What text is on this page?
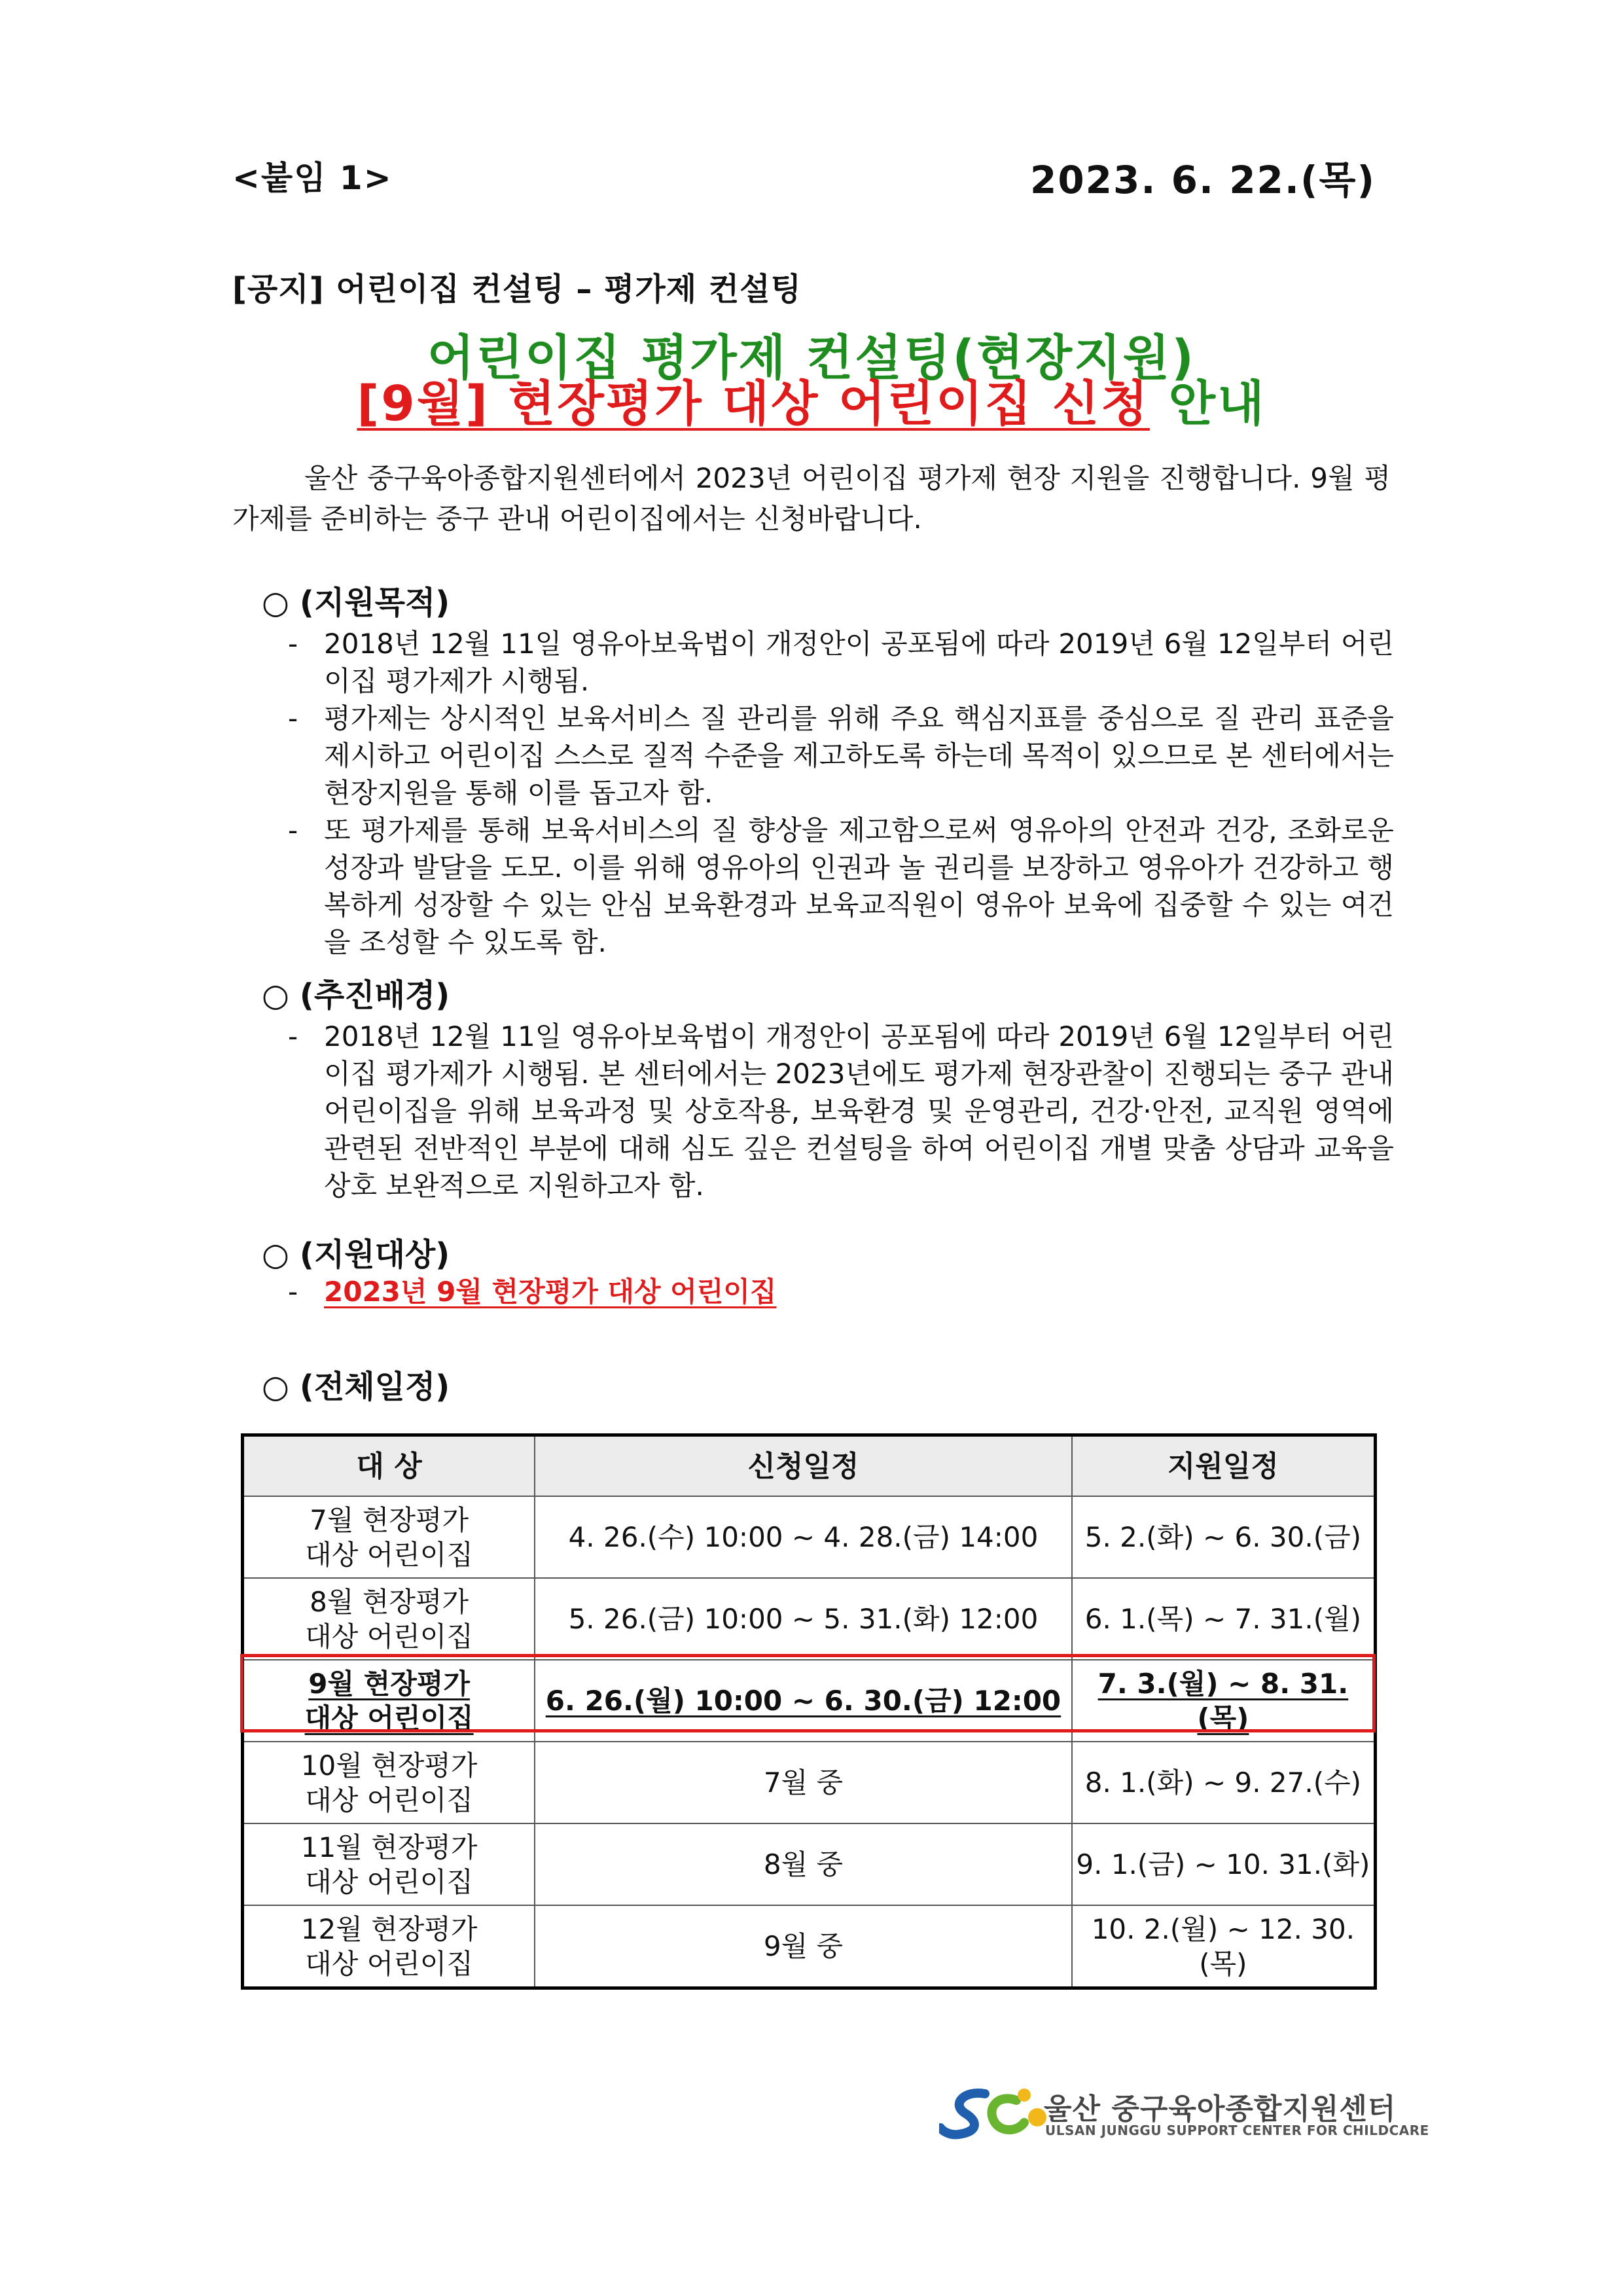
<붙임 1>	2023. 6. 22.(목)
[공지] 어린이집 컨설팅 – 평가제 컨설팅
어린이집 평가제 컨설팅(현장지원)
[9월] 현장평가 대상 어린이집 신청 안내
울산 중구육아종합지원센터에서 2023년 어린이집 평가제 현장 지원을 진행합니다. 9월 평가제를 준비하는 중구 관내 어린이집에서는 신청바랍니다.
○ (지원목적)
- 2018년 12월 11일 영유아보육법이 개정안이 공포됨에 따라 2019년 6월 12일부터 어린이집 평가제가 시행됨.
- 평가제는 상시적인 보육서비스 질 관리를 위해 주요 핵심지표를 중심으로 질 관리 표준을 제시하고 어린이집 스스로 질적 수준을 제고하도록 하는데 목적이 있으므로 본 센터에서는 현장지원을 통해 이를 돕고자 함.
- 또 평가제를 통해 보육서비스의 질 향상을 제고함으로써 영유아의 안전과 건강, 조화로운 성장과 발달을 도모. 이를 위해 영유아의 인권과 놀 권리를 보장하고 영유아가 건강하고 행복하게 성장할 수 있는 안심 보육환경과 보육교직원이 영유아 보육에 집중할 수 있는 여건을 조성할 수 있도록 함.
○ (추진배경)
- 2018년 12월 11일 영유아보육법이 개정안이 공포됨에 따라 2019년 6월 12일부터 어린이집 평가제가 시행됨. 본 센터에서는 2023년에도 평가제 현장관찰이 진행되는 중구 관내 어린이집을 위해 보육과정 및 상호작용, 보육환경 및 운영관리, 건강·안전, 교직원 영역에 관련된 전반적인 부분에 대해 심도 깊은 컨설팅을 하여 어린이집 개별 맞춤 상담과 교육을 상호 보완적으로 지원하고자 함.
○ (지원대상)
- 2023년 9월 현장평가 대상 어린이집
○ (전체일정)
대 상	신청일정	지원일정

7월 현장평가
대상 어린이집	4. 26.(수) 10:00 ~ 4. 28.(금) 14:00	5. 2.(화) ~ 6. 30.(금)

8월 현장평가
대상 어린이집	5. 26.(금) 10:00 ~ 5. 31.(화) 12:00	6. 1.(목) ~ 7. 31.(월)

9월 현장평가
대상 어린이집	6. 26.(월) 10:00 ~ 6. 30.(금) 12:00	7. 3.(월) ~ 8. 31.(목)

10월 현장평가
대상 어린이집	7월 중	8. 1.(화) ~ 9. 27.(수)

11월 현장평가
대상 어린이집	8월 중	9. 1.(금) ~ 10. 31.(화)

12월 현장평가
대상 어린이집	9월 중	10. 2.(월) ~ 12. 30.(목)
울산 중구육아종합지원센터
ULSAN JUNGGU SUPPORT CENTER FOR CHILDCARE
